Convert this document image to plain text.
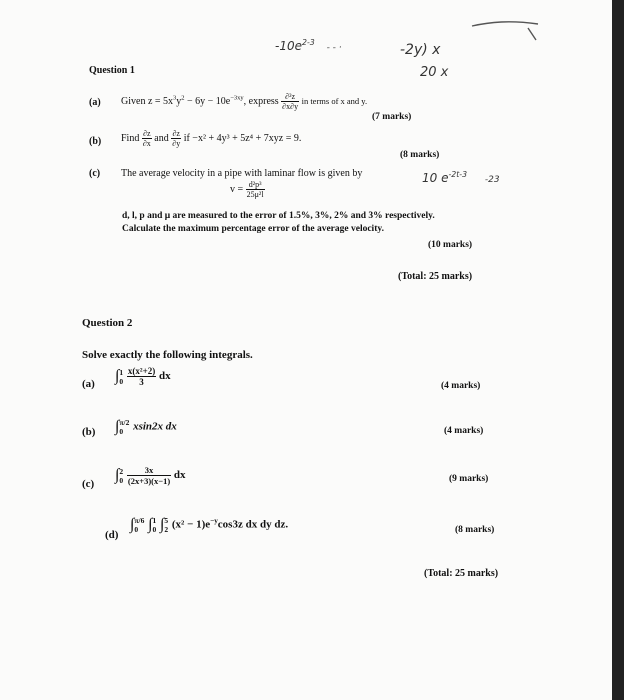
$-10e^{2-3}$ - - ·	-2y) x
20 x
Question 1
(a) Given $z = 5x^3y^2 - 6y - 10e^{-3xy}$, express $\frac{\text{∂²z}}{\partial x\partial y}$ in terms of x and y.
(7 marks)
(b) Find $\frac{\partial z}{\partial x}$ and $\frac{\partial z}{\partial y}$ if −x² + 4y³ + 5z⁴ + 7xyz = 9.
(8 marks)
(c) The average velocity in a pipe with laminar flow is given by
$v = \frac{\text{d²p³}}{\text{25μ²l}}$
10 $e^{-2t-3}$ -23
d, l, p and μ are measured to the error of 1.5%, 3%, 2% and 3% respectively.
Calculate the maximum percentage error of the average velocity.
(10 marks)
(Total: 25 marks)
Question 2
Solve exactly the following integrals.
(a) ∫ 1
0
$\frac{\text{x(x²+2)}}{3}$ dx
(4 marks)
(b) ∫ π/2
0 xsin2x dx	(4 marks)
(c)
∫ 2
0
$\frac{3x}{(2x+3)(x-1)}$ dx	(9 marks)
(d)
∫ π/6
0 ∫ 1
0 ∫ 5
2 $(x^2 - 1)e^{-y}\cos 3z$ dx dy dz.	(8 marks)
(Total: 25 marks)
